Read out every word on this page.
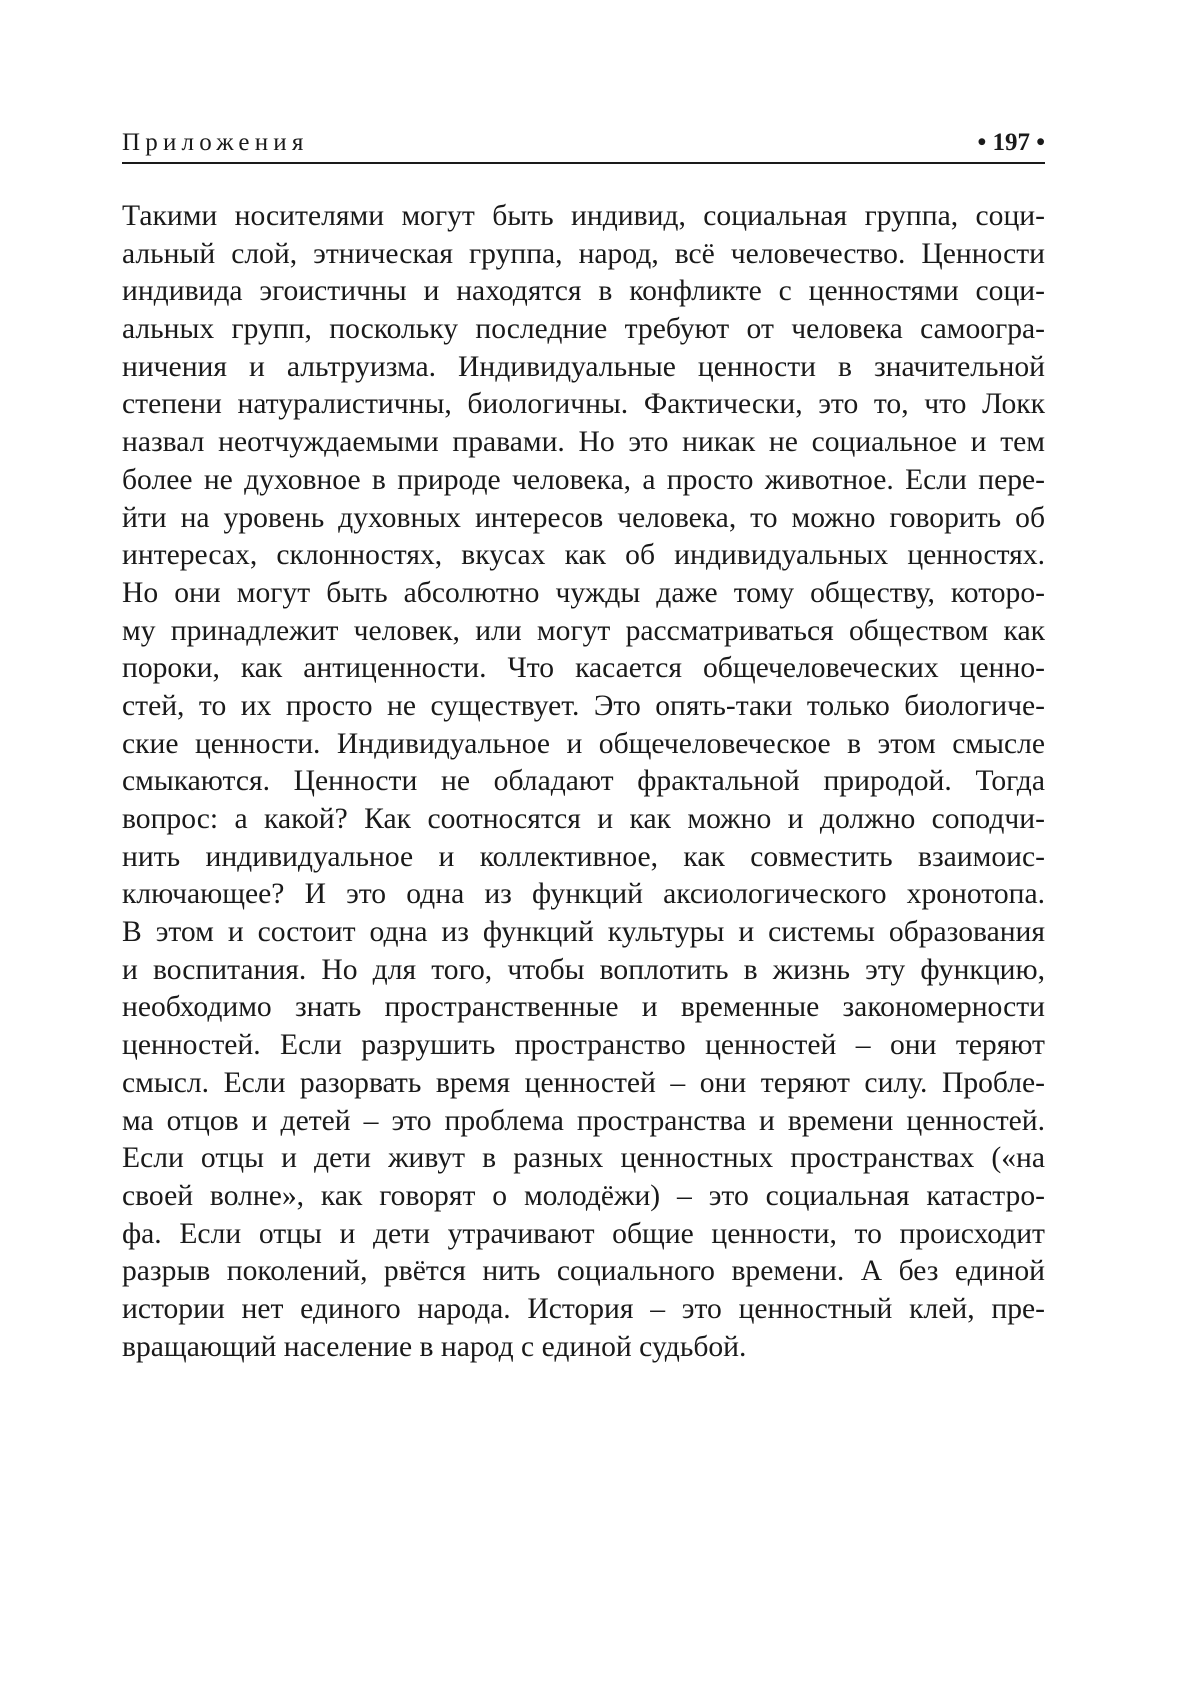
Приложения	• 197 •
Такими носителями могут быть индивид, социальная группа, соци-
альный слой, этническая группа, народ, всё человечество. Ценности
индивида эгоистичны и находятся в конфликте с ценностями соци-
альных групп, поскольку последние требуют от человека самоогра-
ничения и альтруизма. Индивидуальные ценности в значительной
степени натуралистичны, биологичны. Фактически, это то, что Локк
назвал неотчуждаемыми правами. Но это никак не социальное и тем
более не духовное в природе человека, а просто животное. Если пере-
йти на уровень духовных интересов человека, то можно говорить об
интересах, склонностях, вкусах как об индивидуальных ценностях.
Но они могут быть абсолютно чужды даже тому обществу, которо-
му принадлежит человек, или могут рассматриваться обществом как
пороки, как антиценности. Что касается общечеловеческих ценно-
стей, то их просто не существует. Это опять-таки только биологиче-
ские ценности. Индивидуальное и общечеловеческое в этом смысле
смыкаются. Ценности не обладают фрактальной природой. Тогда
вопрос: а какой? Как соотносятся и как можно и должно соподчи-
нить индивидуальное и коллективное, как совместить взаимоис-
ключающее? И это одна из функций аксиологического хронотопа.
В этом и состоит одна из функций культуры и системы образования
и воспитания. Но для того, чтобы воплотить в жизнь эту функцию,
необходимо знать пространственные и временные закономерности
ценностей. Если разрушить пространство ценностей – они теряют
смысл. Если разорвать время ценностей – они теряют силу. Пробле-
ма отцов и детей – это проблема пространства и времени ценностей.
Если отцы и дети живут в разных ценностных пространствах («на
своей волне», как говорят о молодёжи) – это социальная катастро-
фа. Если отцы и дети утрачивают общие ценности, то происходит
разрыв поколений, рвётся нить социального времени. А без единой
истории нет единого народа. История – это ценностный клей, пре-
вращающий население в народ с единой судьбой.
